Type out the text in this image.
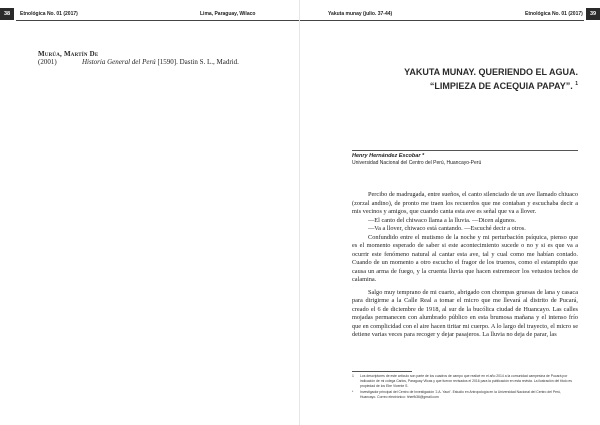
38	Etnológica No. 01 (2017)	Lima, Paraguay, Wilaco
Murúa, Martín De
(2001)	Historia General del Perú [1590]. Dastin S. L., Madrid.
Yakuta munay (julio. 37-44)	Etnológica No. 01 (2017)	39
YAKUTA MUNAY. QUERIENDO EL AGUA.
“LIMPIEZA DE ACEQUIA PAPAY”. $^1$
Henry Hernández Escobar *
Universidad Nacional del Centro del Perú, Huancayo-Perú

Percibo de madrugada, entre sueños, el canto silenciado de un ave llamado chiuaco (zorzal andino), de pronto me traen los recuerdos que me contaban y escuchaba decir a mis vecinos y amigos, que cuando canta esta ave es señal que va a llover.

—El canto del chiwaco llama a la lluvia. —Dicen algunos.

—Va a llover, chiwaco está cantando. —Escuché decir a otros.

Confundido entre el mutismo de la noche y mi perturbación psíquica, pienso que es el momento esperado de saber si este acontecimiento sucede o no y si es que va a ocurrir este fenómeno natural al cantar esta ave, tal y cual como me habían contado. Cuando de un momento a otro escucho el fragor de los truenos, como el estampido que causa un arma de fuego, y la cruenta lluvia que hacen estremecer los vetustos techos de calamina.

Salgo muy temprano de mi cuarto, abrigado con chompas gruesas de lana y casaca para dirigirme a la Calle Real a tomar el micro que me llevará al distrito de Pucará, creado el 6 de diciembre de 1918, al sur de la bucólica ciudad de Huancayo. Las calles mojadas permanecen con alumbrado público en esta brumosa mañana y el intenso frío que en complicidad con el aire hacen tiritar mi cuerpo. A lo largo del trayecto, el micro se detiene varias veces para recoger y dejar pasajeros. La lluvia no deja de parar, las

1	Los descriptores de este artículo son parte de los cuadros de campo que realicé en el año 2014 a la comunidad campesina de Pucará por indicación de mi colega Carlos, Paraguay Vilcas y que fueron revisados el 2016 para la publicación en esta revista. La ilustración del título es propiedad de los Ebe Vicente S.
*	Investigador principal del Centro de Investigación 'J.A. Yauri'. Estudio en Antropología en la Universidad Nacional del Centro del Perú, Huancayo. Correo electrónico: hherfk36@gmail.com
